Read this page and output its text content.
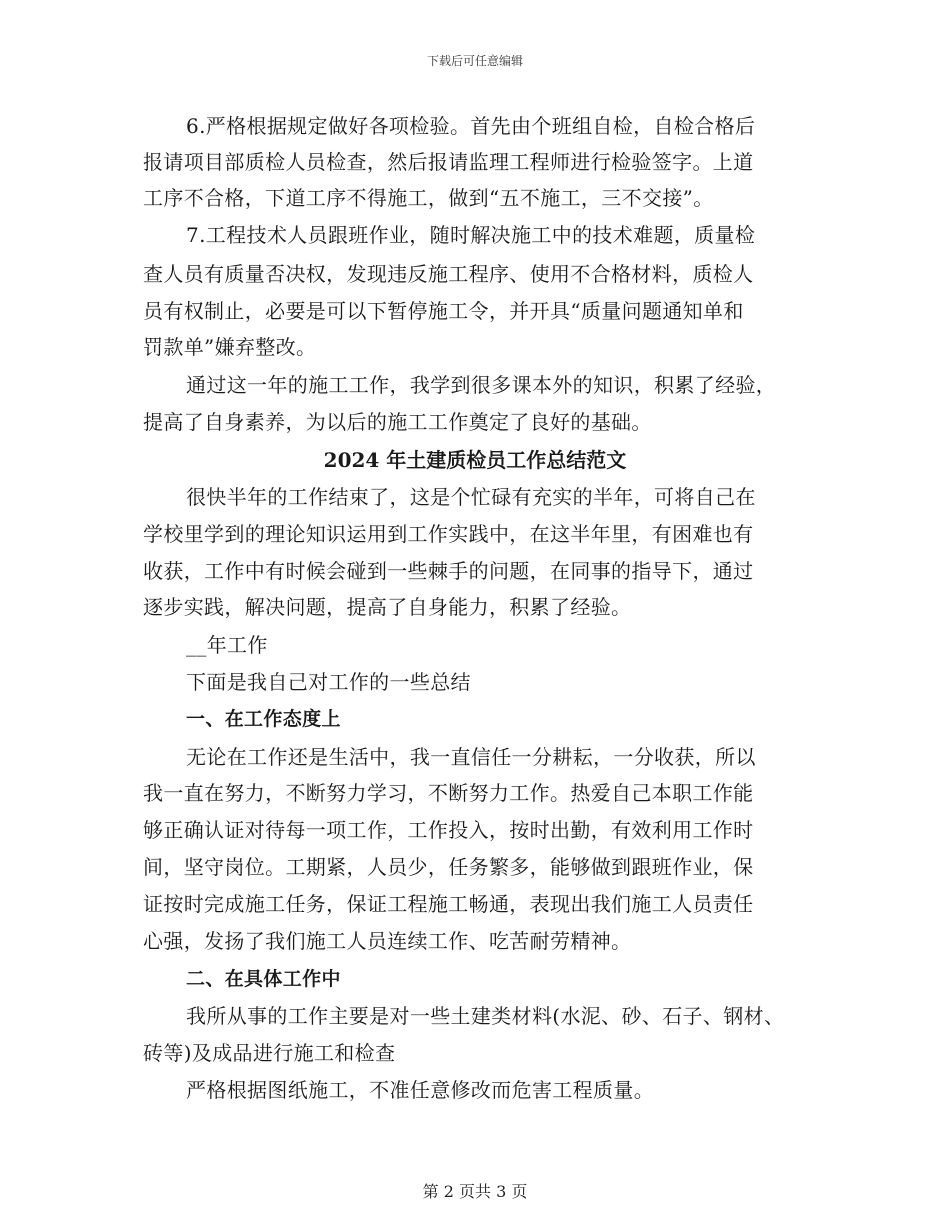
下载后可任意编辑
6.严格根据规定做好各项检验。首先由个班组自检，自检合格后
报请项目部质检人员检查，然后报请监理工程师进行检验签字。上道
工序不合格，下道工序不得施工，做到“五不施工，三不交接”。
7.工程技术人员跟班作业，随时解决施工中的技术难题，质量检
查人员有质量否决权，发现违反施工程序、使用不合格材料，质检人
员有权制止，必要是可以下暂停施工令，并开具“质量问题通知单和
罚款单”嫌弃整改。
通过这一年的施工工作，我学到很多课本外的知识，积累了经验，
提高了自身素养，为以后的施工工作奠定了良好的基础。
2024 年土建质检员工作总结范文
很快半年的工作结束了，这是个忙碌有充实的半年，可将自己在
学校里学到的理论知识运用到工作实践中，在这半年里，有困难也有
收获，工作中有时候会碰到一些棘手的问题，在同事的指导下，通过
逐步实践，解决问题，提高了自身能力，积累了经验。
__年工作
下面是我自己对工作的一些总结
一、在工作态度上
无论在工作还是生活中，我一直信任一分耕耘，一分收获，所以
我一直在努力，不断努力学习，不断努力工作。热爱自己本职工作能
够正确认证对待每一项工作，工作投入，按时出勤，有效利用工作时
间，坚守岗位。工期紧，人员少，任务繁多，能够做到跟班作业，保
证按时完成施工任务，保证工程施工畅通，表现出我们施工人员责任
心强，发扬了我们施工人员连续工作、吃苦耐劳精神。
二、在具体工作中
我所从事的工作主要是对一些土建类材料(水泥、砂、石子、钢材、
砖等)及成品进行施工和检查
严格根据图纸施工，不准任意修改而危害工程质量。
第 2 页共 3 页
